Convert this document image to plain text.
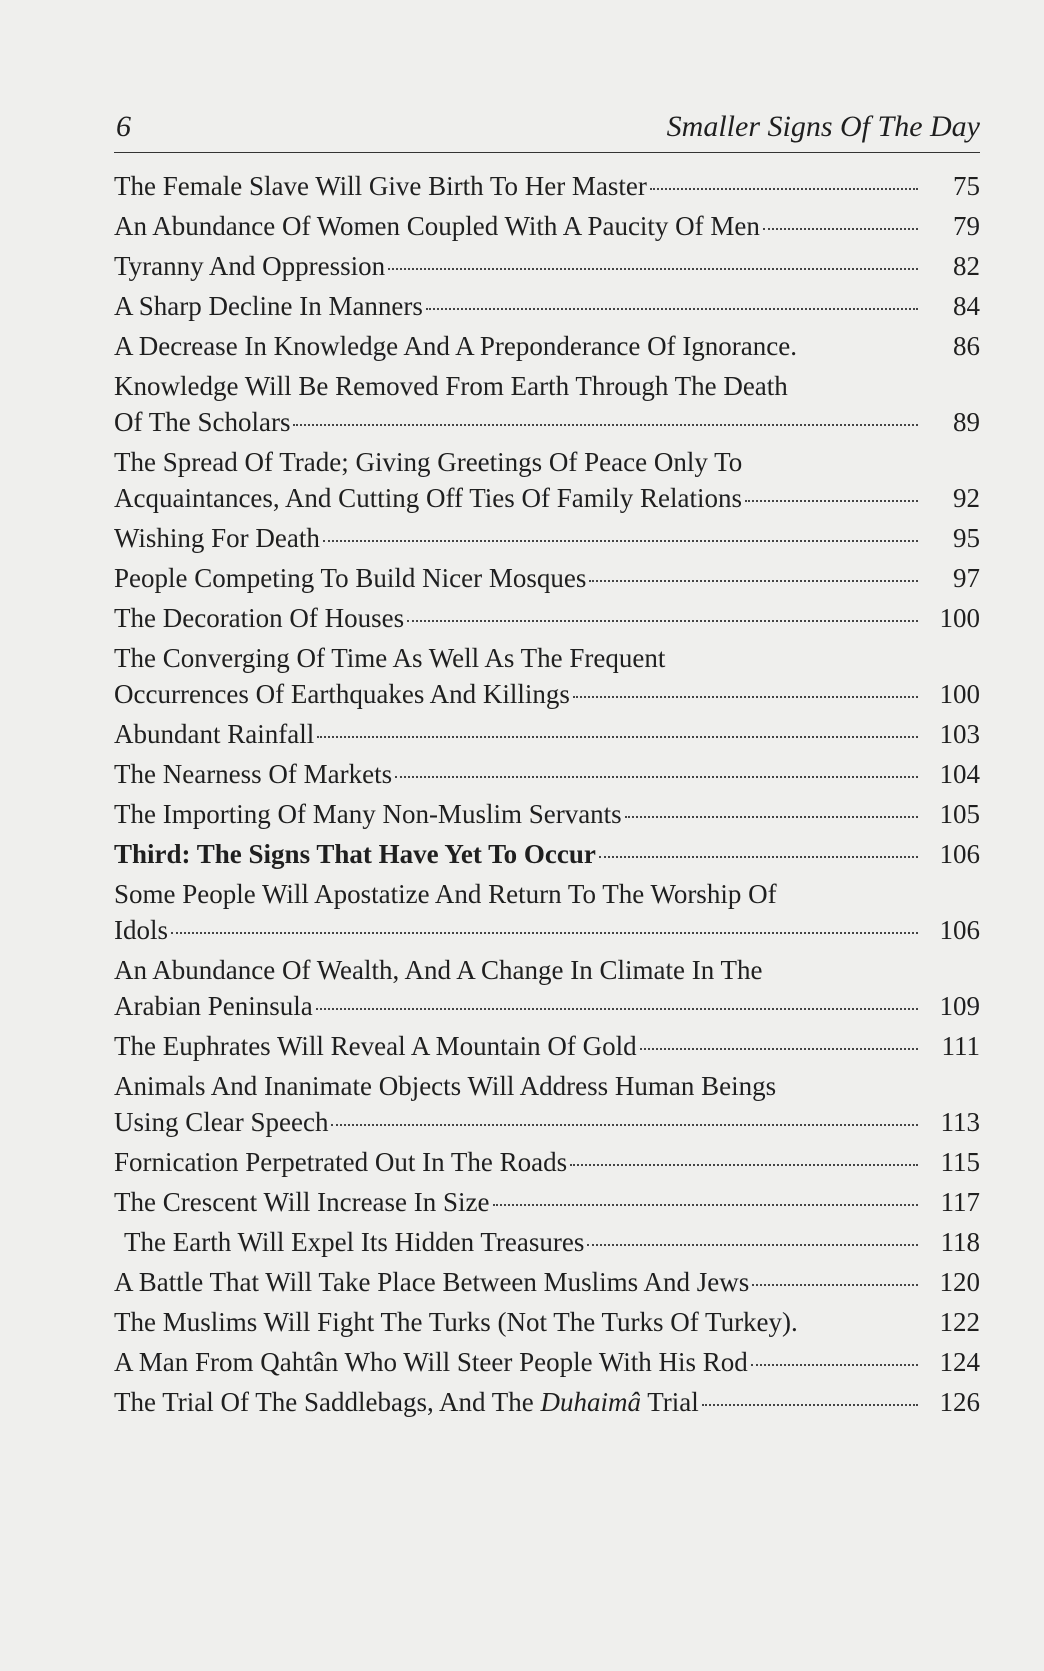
6	Smaller Signs Of The Day
The Female Slave Will Give Birth To Her Master	75
An Abundance Of Women Coupled With A Paucity Of Men	79
Tyranny And Oppression	82
A Sharp Decline In Manners	84
A Decrease In Knowledge And A Preponderance Of Ignorance.	86
Knowledge Will Be Removed From Earth Through The Death
Of The Scholars	89
The Spread Of Trade; Giving Greetings Of Peace Only To
Acquaintances, And Cutting Off Ties Of Family Relations	92
Wishing For Death	95
People Competing To Build Nicer Mosques	97
The Decoration Of Houses	100
The Converging Of Time As Well As The Frequent
Occurrences Of Earthquakes And Killings	100
Abundant Rainfall	103
The Nearness Of Markets	104
The Importing Of Many Non-Muslim Servants	105
Third: The Signs That Have Yet To Occur	106
Some People Will Apostatize And Return To The Worship Of
Idols	106
An Abundance Of Wealth, And A Change In Climate In The
Arabian Peninsula	109
The Euphrates Will Reveal A Mountain Of Gold	111
Animals And Inanimate Objects Will Address Human Beings
Using Clear Speech	113
Fornication Perpetrated Out In The Roads	115
The Crescent Will Increase In Size	117
The Earth Will Expel Its Hidden Treasures	118
A Battle That Will Take Place Between Muslims And Jews	120
The Muslims Will Fight The Turks (Not The Turks Of Turkey).	122
A Man From Qahtân Who Will Steer People With His Rod	124
The Trial Of The Saddlebags, And The Duhaimâ Trial	126
